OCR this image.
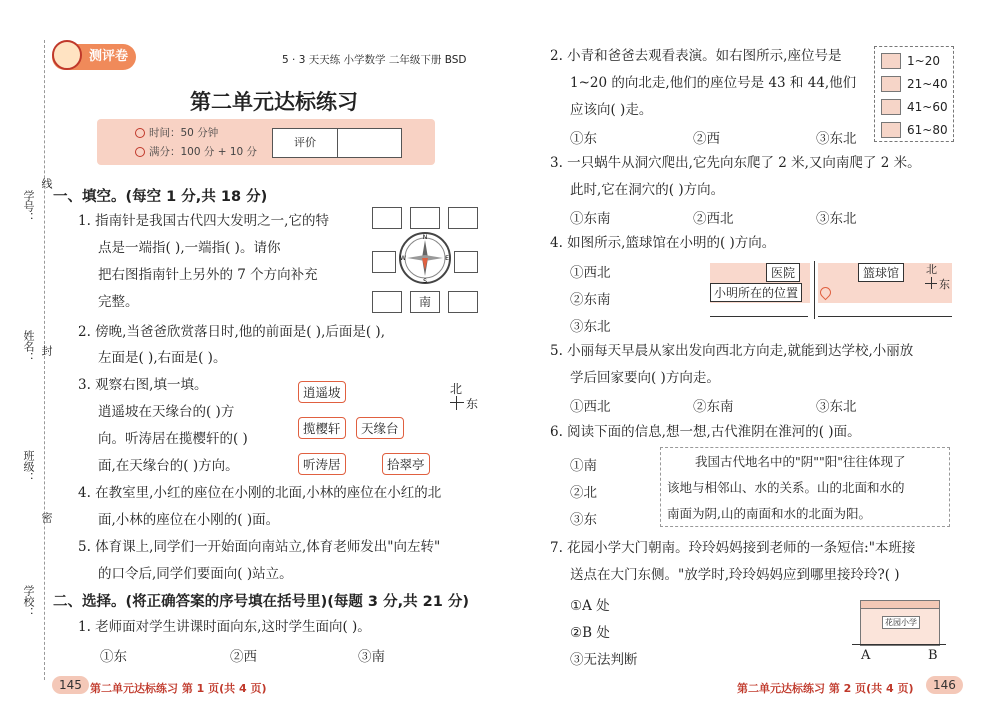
学号：
线
姓名： 封
班级：
密
学校：
测评卷	5 · 3 天天练 小学数学 二年级下册 BSD
第二单元达标练习
时间：50 分钟
满分：100 分 + 10 分
评价
一、填空。(每空 1 分,共 18 分)
1. 指南针是我国古代四大发明之一,它的特
点是一端指( ),一端指( )。请你
把右图指南针上另外的 7 个方向补充
完整。	南
N
E
S
W
2. 傍晚,当爸爸欣赏落日时,他的前面是( ),后面是( ),
左面是( ),右面是( )。
3. 观察右图,填一填。
逍遥坡在天缘台的( )方
向。听涛居在揽樱轩的( )
面,在天缘台的( )方向。
逍遥坡
揽樱轩	天缘台
听涛居	拾翠亭
北
东
4. 在教室里,小红的座位在小刚的北面,小林的座位在小红的北
面,小林的座位在小刚的( )面。
5. 体育课上,同学们一开始面向南站立,体育老师发出"向左转"
的口令后,同学们要面向( )站立。
二、选择。(将正确答案的序号填在括号里)(每题 3 分,共 21 分)
1. 老师面对学生讲课时面向东,这时学生面向( )。
①东	②西	③南
145 第二单元达标练习 第 1 页(共 4 页)
2. 小青和爸爸去观看表演。如右图所示,座位号是
1~20 的向北走,他们的座位号是 43 和 44,他们
应该向( )走。
①东	②西	③东北
1~20
21~40
41~60
61~80
3. 一只蜗牛从洞穴爬出,它先向东爬了 2 米,又向南爬了 2 米。
此时,它在洞穴的( )方向。
①东南	②西北	③东北
4. 如图所示,篮球馆在小明的( )方向。
①西北
②东南
③东北
医院	篮球馆
小明所在的位置
北
东
5. 小丽每天早晨从家出发向西北方向走,就能到达学校,小丽放
学后回家要向( )方向走。
①西北	②东南	③东北
6. 阅读下面的信息,想一想,古代淮阴在淮河的( )面。
①南
②北
③东
我国古代地名中的"阴""阳"往往体现了
该地与相邻山、水的关系。山的北面和水的
南面为阴,山的南面和水的北面为阳。
7. 花园小学大门朝南。玲玲妈妈接到老师的一条短信:"本班接
送点在大门东侧。"放学时,玲玲妈妈应到哪里接玲玲?( )
①A 处
②B 处
③无法判断
花园小学
A	B
第二单元达标练习 第 2 页(共 4 页)	146
